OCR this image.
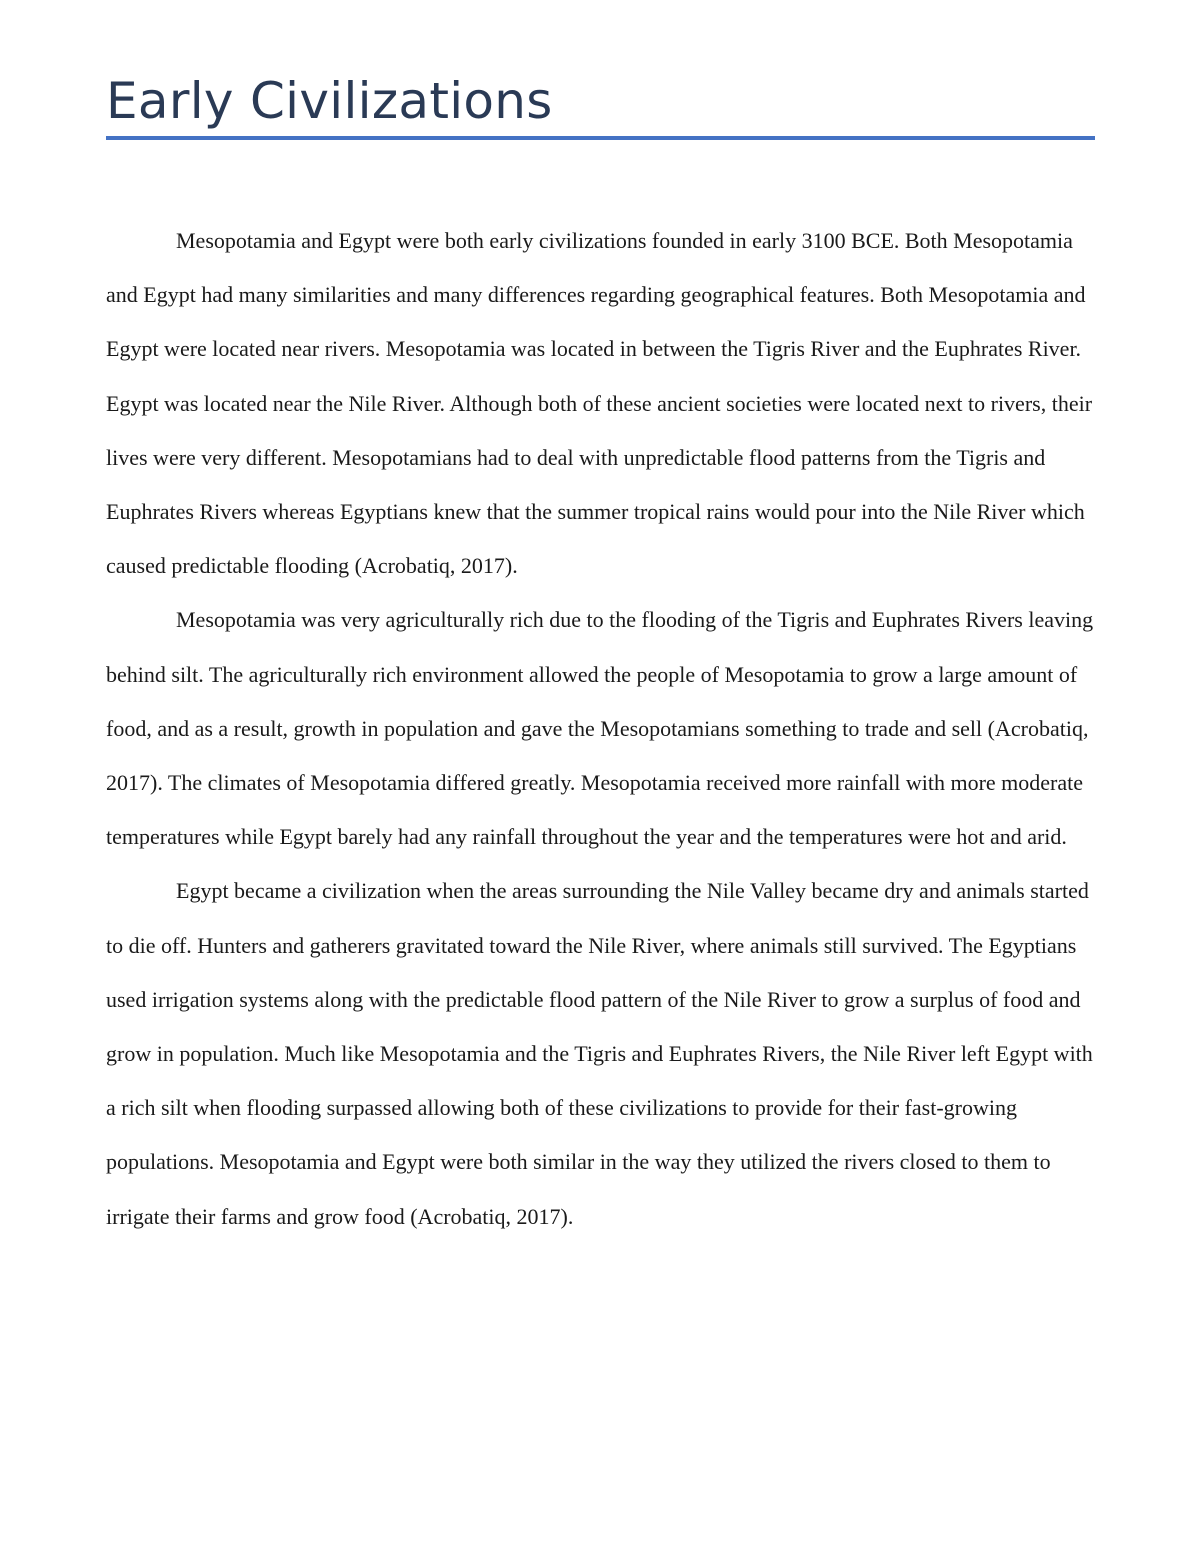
Early Civilizations

Mesopotamia and Egypt were both early civilizations founded in early 3100 BCE. Both Mesopotamia and Egypt had many similarities and many differences regarding geographical features. Both Mesopotamia and Egypt were located near rivers. Mesopotamia was located in between the Tigris River and the Euphrates River. Egypt was located near the Nile River. Although both of these ancient societies were located next to rivers, their lives were very different. Mesopotamians had to deal with unpredictable flood patterns from the Tigris and Euphrates Rivers whereas Egyptians knew that the summer tropical rains would pour into the Nile River which caused predictable flooding (Acrobatiq, 2017).

Mesopotamia was very agriculturally rich due to the flooding of the Tigris and Euphrates Rivers leaving behind silt. The agriculturally rich environment allowed the people of Mesopotamia to grow a large amount of food, and as a result, growth in population and gave the Mesopotamians something to trade and sell (Acrobatiq, 2017). The climates of Mesopotamia differed greatly. Mesopotamia received more rainfall with more moderate temperatures while Egypt barely had any rainfall throughout the year and the temperatures were hot and arid.

Egypt became a civilization when the areas surrounding the Nile Valley became dry and animals started to die off. Hunters and gatherers gravitated toward the Nile River, where animals still survived. The Egyptians used irrigation systems along with the predictable flood pattern of the Nile River to grow a surplus of food and grow in population. Much like Mesopotamia and the Tigris and Euphrates Rivers, the Nile River left Egypt with a rich silt when flooding surpassed allowing both of these civilizations to provide for their fast-growing populations. Mesopotamia and Egypt were both similar in the way they utilized the rivers closed to them to irrigate their farms and grow food (Acrobatiq, 2017).
